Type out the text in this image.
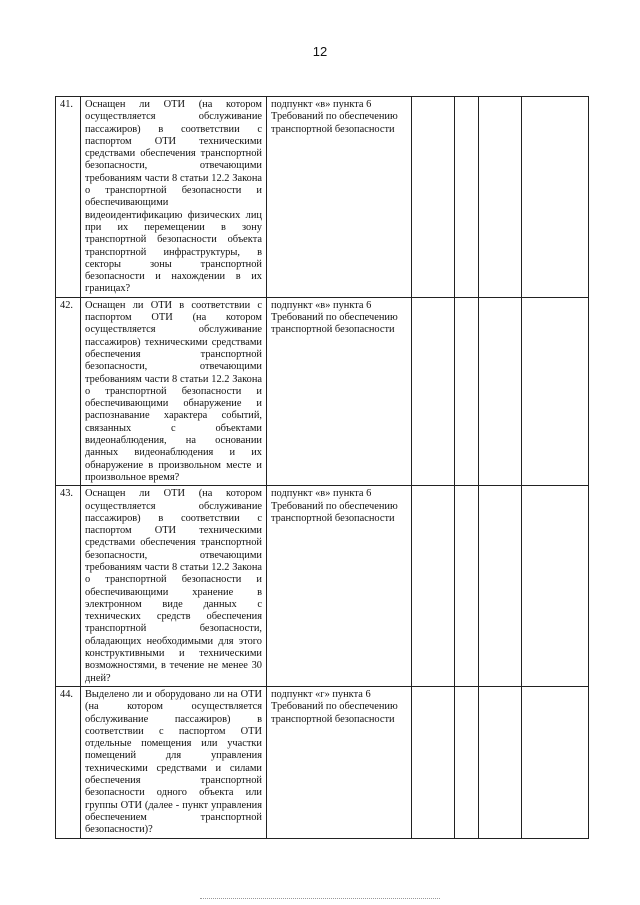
12
41.	Оснащен ли ОТИ (на котором осуществляется обслуживание пассажиров) в соответствии с паспортом ОТИ техническими средствами обеспечения транспортной безопасности, отвечающими требованиям части 8 статьи 12.2 Закона о транспортной безопасности и обеспечивающими видеоидентификацию физических лиц при их перемещении в зону транспортной безопасности объекта транспортной инфраструктуры, в секторы зоны транспортной безопасности и нахождении в их границах?	подпункт «в» пункта 6 Требований по обеспечению транспортной безопасности				
42.	Оснащен ли ОТИ в соответствии с паспортом ОТИ (на котором осуществляется обслуживание пассажиров) техническими средствами обеспечения транспортной безопасности, отвечающими требованиям части 8 статьи 12.2 Закона о транспортной безопасности и обеспечивающими обнаружение и распознавание характера событий, связанных с объектами видеонаблюдения, на основании данных видеонаблюдения и их обнаружение в произвольном месте и произвольное время?	подпункт «в» пункта 6 Требований по обеспечению транспортной безопасности				
43.	Оснащен ли ОТИ (на котором осуществляется обслуживание пассажиров) в соответствии с паспортом ОТИ техническими средствами обеспечения транспортной безопасности, отвечающими требованиям части 8 статьи 12.2 Закона о транспортной безопасности и обеспечивающими хранение в электронном виде данных с технических средств обеспечения транспортной безопасности, обладающих необходимыми для этого конструктивными и техническими возможностями, в течение не менее 30 дней?	подпункт «в» пункта 6 Требований по обеспечению транспортной безопасности				
44.	Выделено ли и оборудовано ли на ОТИ (на котором осуществляется обслуживание пассажиров) в соответствии с паспортом ОТИ отдельные помещения или участки помещений для управления техническими средствами и силами обеспечения транспортной безопасности одного объекта или группы ОТИ (далее - пункт управления обеспечением транспортной безопасности)?	подпункт «г» пункта 6 Требований по обеспечению транспортной безопасности				
